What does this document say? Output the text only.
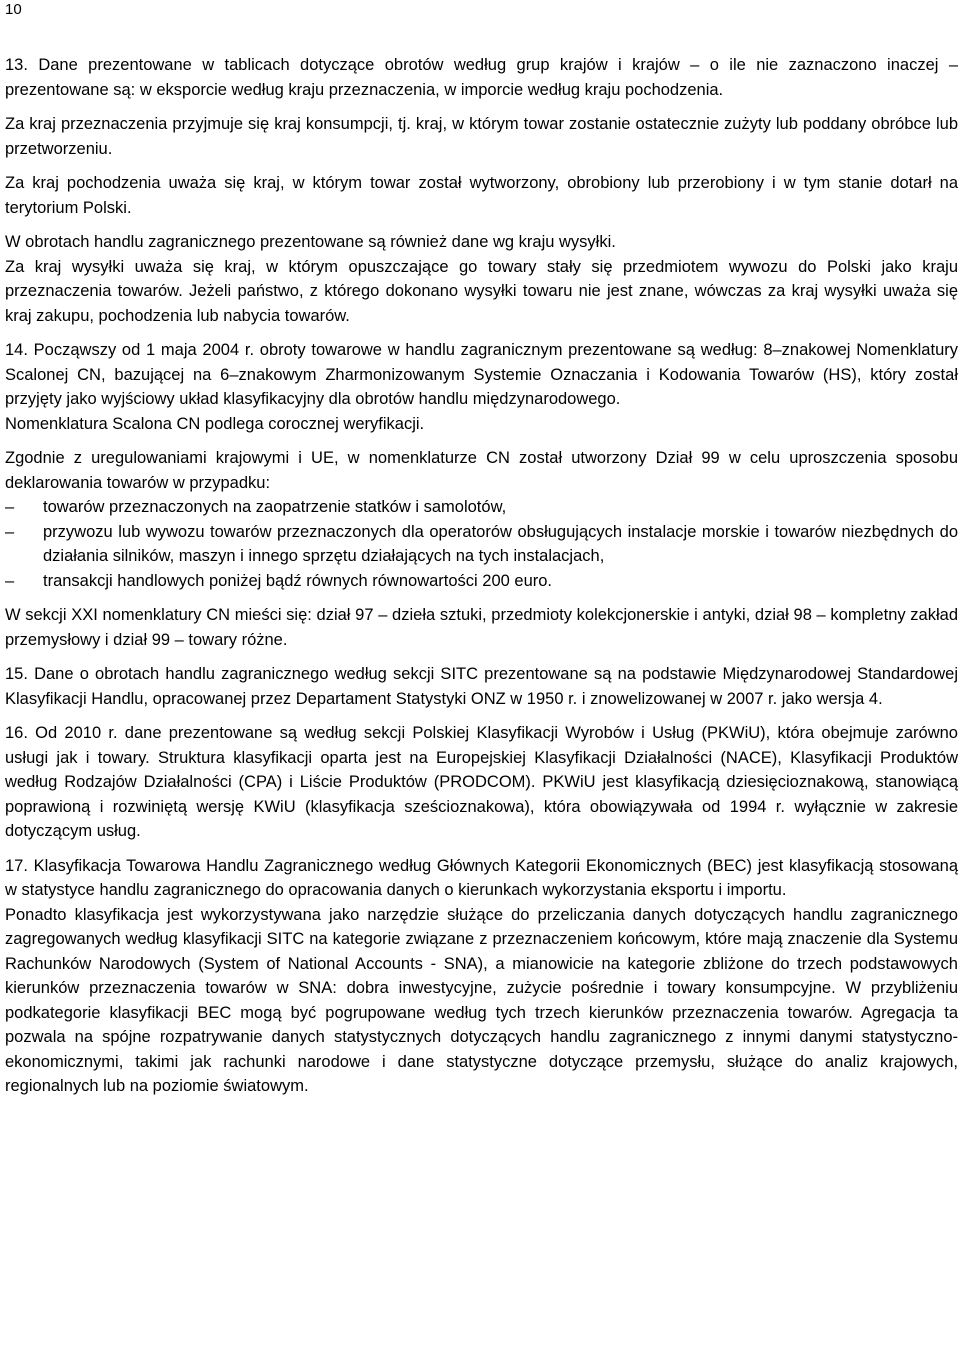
10

13. Dane prezentowane w tablicach dotyczące obrotów według grup krajów i krajów – o ile nie zaznaczono inaczej – prezentowane są: w eksporcie według kraju przeznaczenia, w imporcie według kraju pochodzenia.

Za kraj przeznaczenia przyjmuje się kraj konsumpcji, tj. kraj, w którym towar zostanie ostatecznie zużyty lub poddany obróbce lub przetworzeniu.

Za kraj pochodzenia uważa się kraj, w którym towar został wytworzony, obrobiony lub przerobiony i w tym stanie dotarł na terytorium Polski.

W obrotach handlu zagranicznego prezentowane są również dane wg kraju wysyłki.

Za kraj wysyłki uważa się kraj, w którym opuszczające go towary stały się przedmiotem wywozu do Polski jako kraju przeznaczenia towarów. Jeżeli państwo, z którego dokonano wysyłki towaru nie jest znane, wówczas za kraj wysyłki uważa się kraj zakupu, pochodzenia lub nabycia towarów.

14. Począwszy od 1 maja 2004 r. obroty towarowe w handlu zagranicznym prezentowane są według: 8–znakowej Nomenklatury Scalonej CN, bazującej na 6–znakowym Zharmonizowanym Systemie Oznaczania i Kodowania Towarów (HS), który został przyjęty jako wyjściowy układ klasyfikacyjny dla obrotów handlu międzynarodowego.

Nomenklatura Scalona CN podlega corocznej weryfikacji.

Zgodnie z uregulowaniami krajowymi i UE, w nomenklaturze CN został utworzony Dział 99 w celu uproszczenia sposobu deklarowania towarów w przypadku:

– towarów przeznaczonych na zaopatrzenie statków i samolotów,

– przywozu lub wywozu towarów przeznaczonych dla operatorów obsługujących instalacje morskie i towarów niezbędnych do działania silników, maszyn i innego sprzętu działających na tych instalacjach,

– transakcji handlowych poniżej bądź równych równowartości 200 euro.

W sekcji XXI nomenklatury CN mieści się: dział 97 – dzieła sztuki, przedmioty kolekcjonerskie i antyki, dział 98 – kompletny zakład przemysłowy i dział 99 – towary różne.

15. Dane o obrotach handlu zagranicznego według sekcji SITC prezentowane są na podstawie Międzynarodowej Standardowej Klasyfikacji Handlu, opracowanej przez Departament Statystyki ONZ w 1950 r. i znowelizowanej w 2007 r. jako wersja 4.

16. Od 2010 r. dane prezentowane są według sekcji Polskiej Klasyfikacji Wyrobów i Usług (PKWiU), która obejmuje zarówno usługi jak i towary. Struktura klasyfikacji oparta jest na Europejskiej Klasyfikacji Działalności (NACE), Klasyfikacji Produktów według Rodzajów Działalności (CPA) i Liście Produktów (PRODCOM). PKWiU jest klasyfikacją dziesięcioznakową, stanowiącą poprawioną i rozwiniętą wersję KWiU (klasyfikacja sześcioznakowa), która obowiązywała od 1994 r. wyłącznie w zakresie dotyczącym usług.

17. Klasyfikacja Towarowa Handlu Zagranicznego według Głównych Kategorii Ekonomicznych (BEC) jest klasyfikacją stosowaną w statystyce handlu zagranicznego do opracowania danych o kierunkach wykorzystania eksportu i importu.

Ponadto klasyfikacja jest wykorzystywana jako narzędzie służące do przeliczania danych dotyczących handlu zagranicznego zagregowanych według klasyfikacji SITC na kategorie związane z przeznaczeniem końcowym, które mają znaczenie dla Systemu Rachunków Narodowych (System of National Accounts - SNA), a mianowicie na kategorie zbliżone do trzech podstawowych kierunków przeznaczenia towarów w SNA: dobra inwestycyjne, zużycie pośrednie i towary konsumpcyjne. W przybliżeniu podkategorie klasyfikacji BEC mogą być pogrupowane według tych trzech kierunków przeznaczenia towarów. Agregacja ta pozwala na spójne rozpatrywanie danych statystycznych dotyczących handlu zagranicznego z innymi danymi statystyczno-ekonomicznymi, takimi jak rachunki narodowe i dane statystyczne dotyczące przemysłu, służące do analiz krajowych, regionalnych lub na poziomie światowym.
